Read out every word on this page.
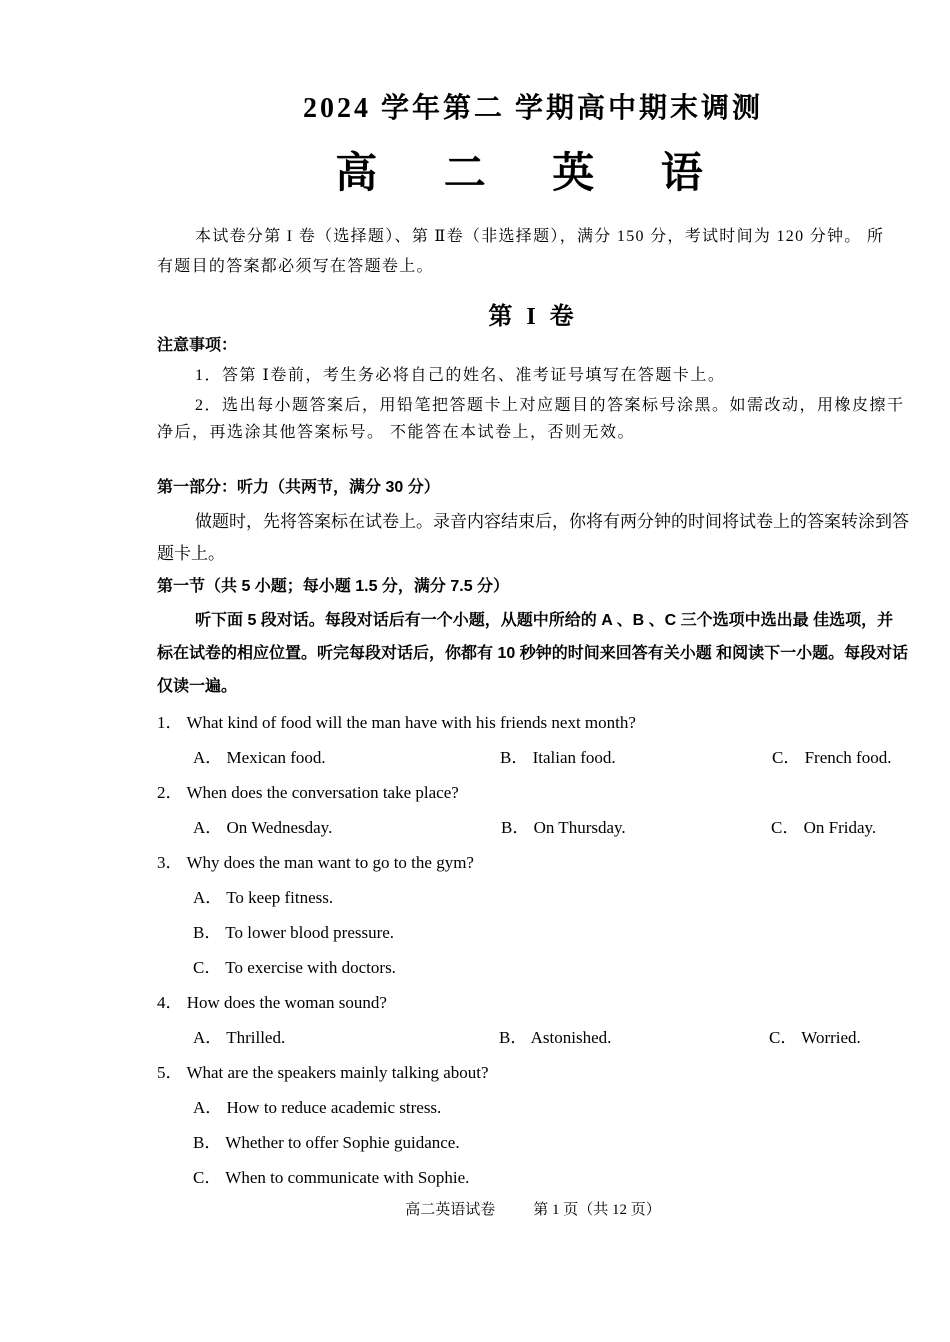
2024 学年第二 学期高中期末调测
高 二 英 语
本试卷分第 I 卷（选择题）、第 Ⅱ卷（非选择题），满分 150 分，考试时间为 120 分钟。 所有题目的答案都必须写在答题卷上。
第 I 卷
注意事项：
1．答第 Ⅰ卷前，考生务必将自己的姓名、准考证号填写在答题卡上。
2．选出每小题答案后，用铅笔把答题卡上对应题目的答案标号涂黑。如需改动，用橡皮擦干净后，再选涂其他答案标号。 不能答在本试卷上，否则无效。
第一部分：听力（共两节，满分 30 分）
做题时，先将答案标在试卷上。录音内容结束后，你将有两分钟的时间将试卷上的答案转涂到答题卡上。
第一节（共 5 小题；每小题 1.5 分，满分 7.5 分）
听下面 5 段对话。每段对话后有一个小题，从题中所给的 A 、B 、C 三个选项中选出最 佳选项，并标在试卷的相应位置。听完每段对话后，你都有 10 秒钟的时间来回答有关小题 和阅读下一小题。每段对话仅读一遍。
1． What kind of food will the man have with his friends next month?
A． Mexican food.	B． Italian food.	C． French food.
2． When does the conversation take place?
A． On Wednesday.	B． On Thursday.	C． On Friday.
3． Why does the man want to go to the gym?
A． To keep fitness.
B． To lower blood pressure.
C． To exercise with doctors.
4． How does the woman sound?
A． Thrilled.	B． Astonished.	C． Worried.
5． What are the speakers mainly talking about?
A． How to reduce academic stress.
B． Whether to offer Sophie guidance.
C． When to communicate with Sophie.
高二英语试卷	第 1 页（共 12 页）
